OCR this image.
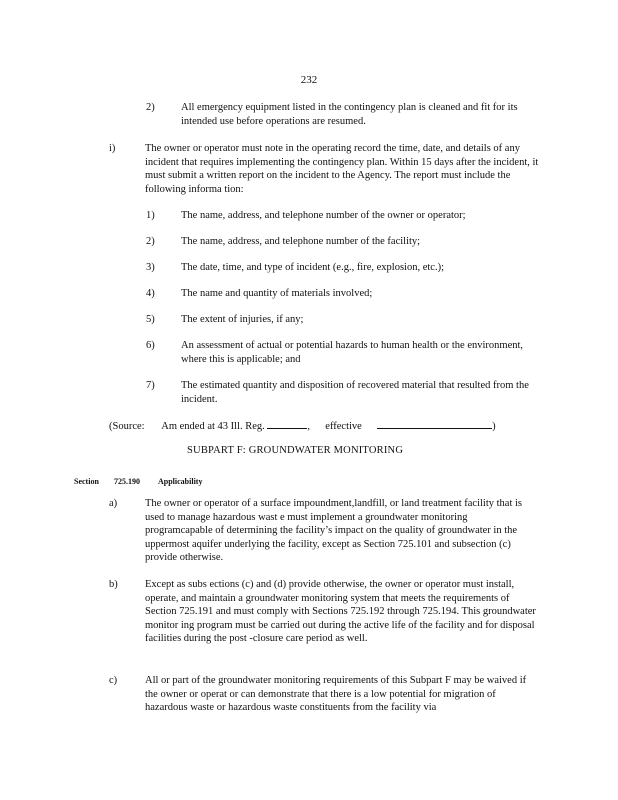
232
2)	All emergency equipment listed in the contingency plan is cleaned and fit for its intended use before operations are resumed.
i)	The owner or operator must note in the operating record the time, date, and details of any incident that requires implementing the contingency plan. Within 15 days after the incident, it must submit a written report on the incident to the Agency. The report must include the following informa tion:
1)	The name, address, and telephone number of the owner or operator;
2)	The name, address, and telephone number of the facility;
3)	The date, time, and type of incident (e.g., fire, explosion, etc.);
4)	The name and quantity of materials involved;
5)	The extent of injuries, if any;
6)	An assessment of actual or potential hazards to human health or the environment, where this is applicable; and
7)	The estimated quantity and disposition of recovered material that resulted from the incident.
(Source: Am ended at 43 Ill. Reg.	, effective	)
SUBPART F: GROUNDWATER MONITORING
Section 725.190 Applicability
a)	The owner or operator of a surface impoundment,landfill, or land treatment facility that is used to manage hazardous wast e must implement a groundwater monitoring programcapable of determining the facility’s impact on the quality of groundwater in the uppermost aquifer underlying the facility, except as Section 725.101 and subsection (c) provide otherwise.
b)	Except as subs ections (c) and (d) provide otherwise, the owner or operator must install, operate, and maintain a groundwater monitoring system that meets the requirements of Section 725.191 and must comply with Sections 725.192 through 725.194. This groundwater monitor ing program must be carried out during the active life of the facility and for disposal facilities during the post -closure care period as well.
c)	All or part of the groundwater monitoring requirements of this Subpart F may be waived if the owner or operat or can demonstrate that there is a low potential for migration of hazardous waste or hazardous waste constituents from the facility via
